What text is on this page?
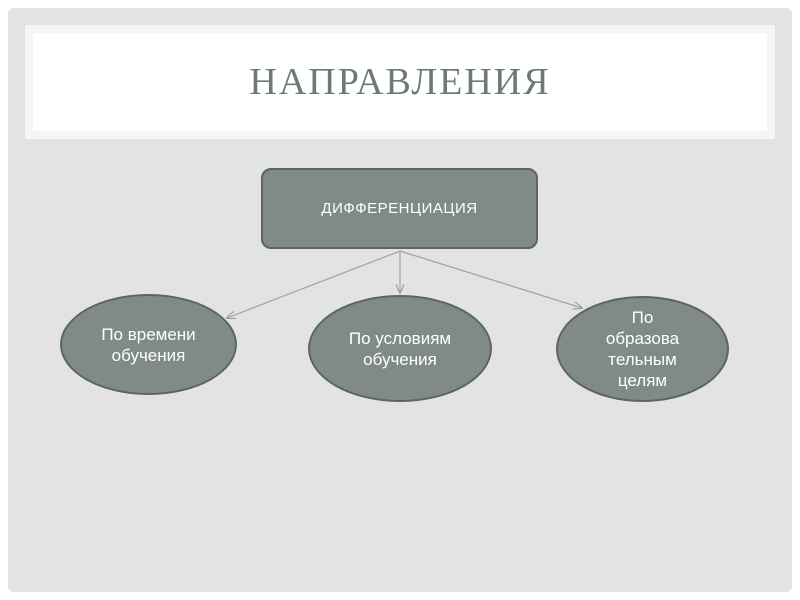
НАПРАВЛЕНИЯ
ДИФФЕРЕНЦИАЦИЯ
По времени обучения
По условиям обучения
По образова тельным целям
